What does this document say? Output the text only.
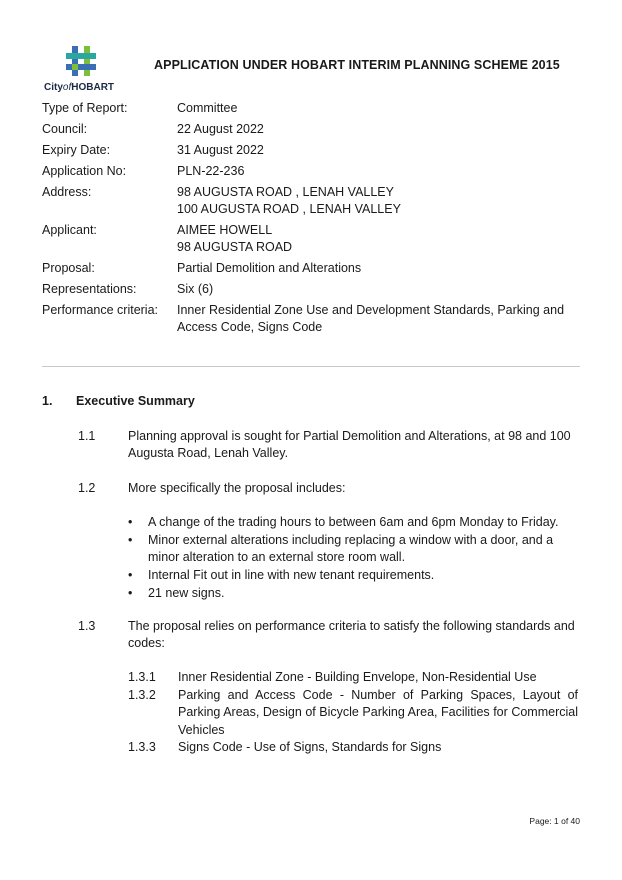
CityofHOBART
APPLICATION UNDER HOBART INTERIM PLANNING SCHEME 2015
Type of Report:	Committee
Council:	22 August 2022
Expiry Date:	31 August 2022
Application No:	PLN-22-236
Address:	98 AUGUSTA ROAD , LENAH VALLEY
100 AUGUSTA ROAD , LENAH VALLEY
Applicant:	AIMEE HOWELL
98 AUGUSTA ROAD
Proposal:	Partial Demolition and Alterations
Representations:	Six (6)
Performance criteria:	Inner Residential Zone Use and Development Standards, Parking and Access Code, Signs Code
1.	Executive Summary
1.1	Planning approval is sought for Partial Demolition and Alterations, at 98 and 100 Augusta Road, Lenah Valley.
1.2	More specifically the proposal includes:
•	A change of the trading hours to between 6am and 6pm Monday to Friday.
•	Minor external alterations including replacing a window with a door, and a minor alteration to an external store room wall.
•	Internal Fit out in line with new tenant requirements.
•	21 new signs.
1.3	The proposal relies on performance criteria to satisfy the following standards and codes:
1.3.1	Inner Residential Zone - Building Envelope, Non-Residential Use
1.3.2	Parking and Access Code - Number of Parking Spaces, Layout of Parking Areas, Design of Bicycle Parking Area, Facilities for Commercial Vehicles
1.3.3	Signs Code - Use of Signs, Standards for Signs
Page: 1 of 40
